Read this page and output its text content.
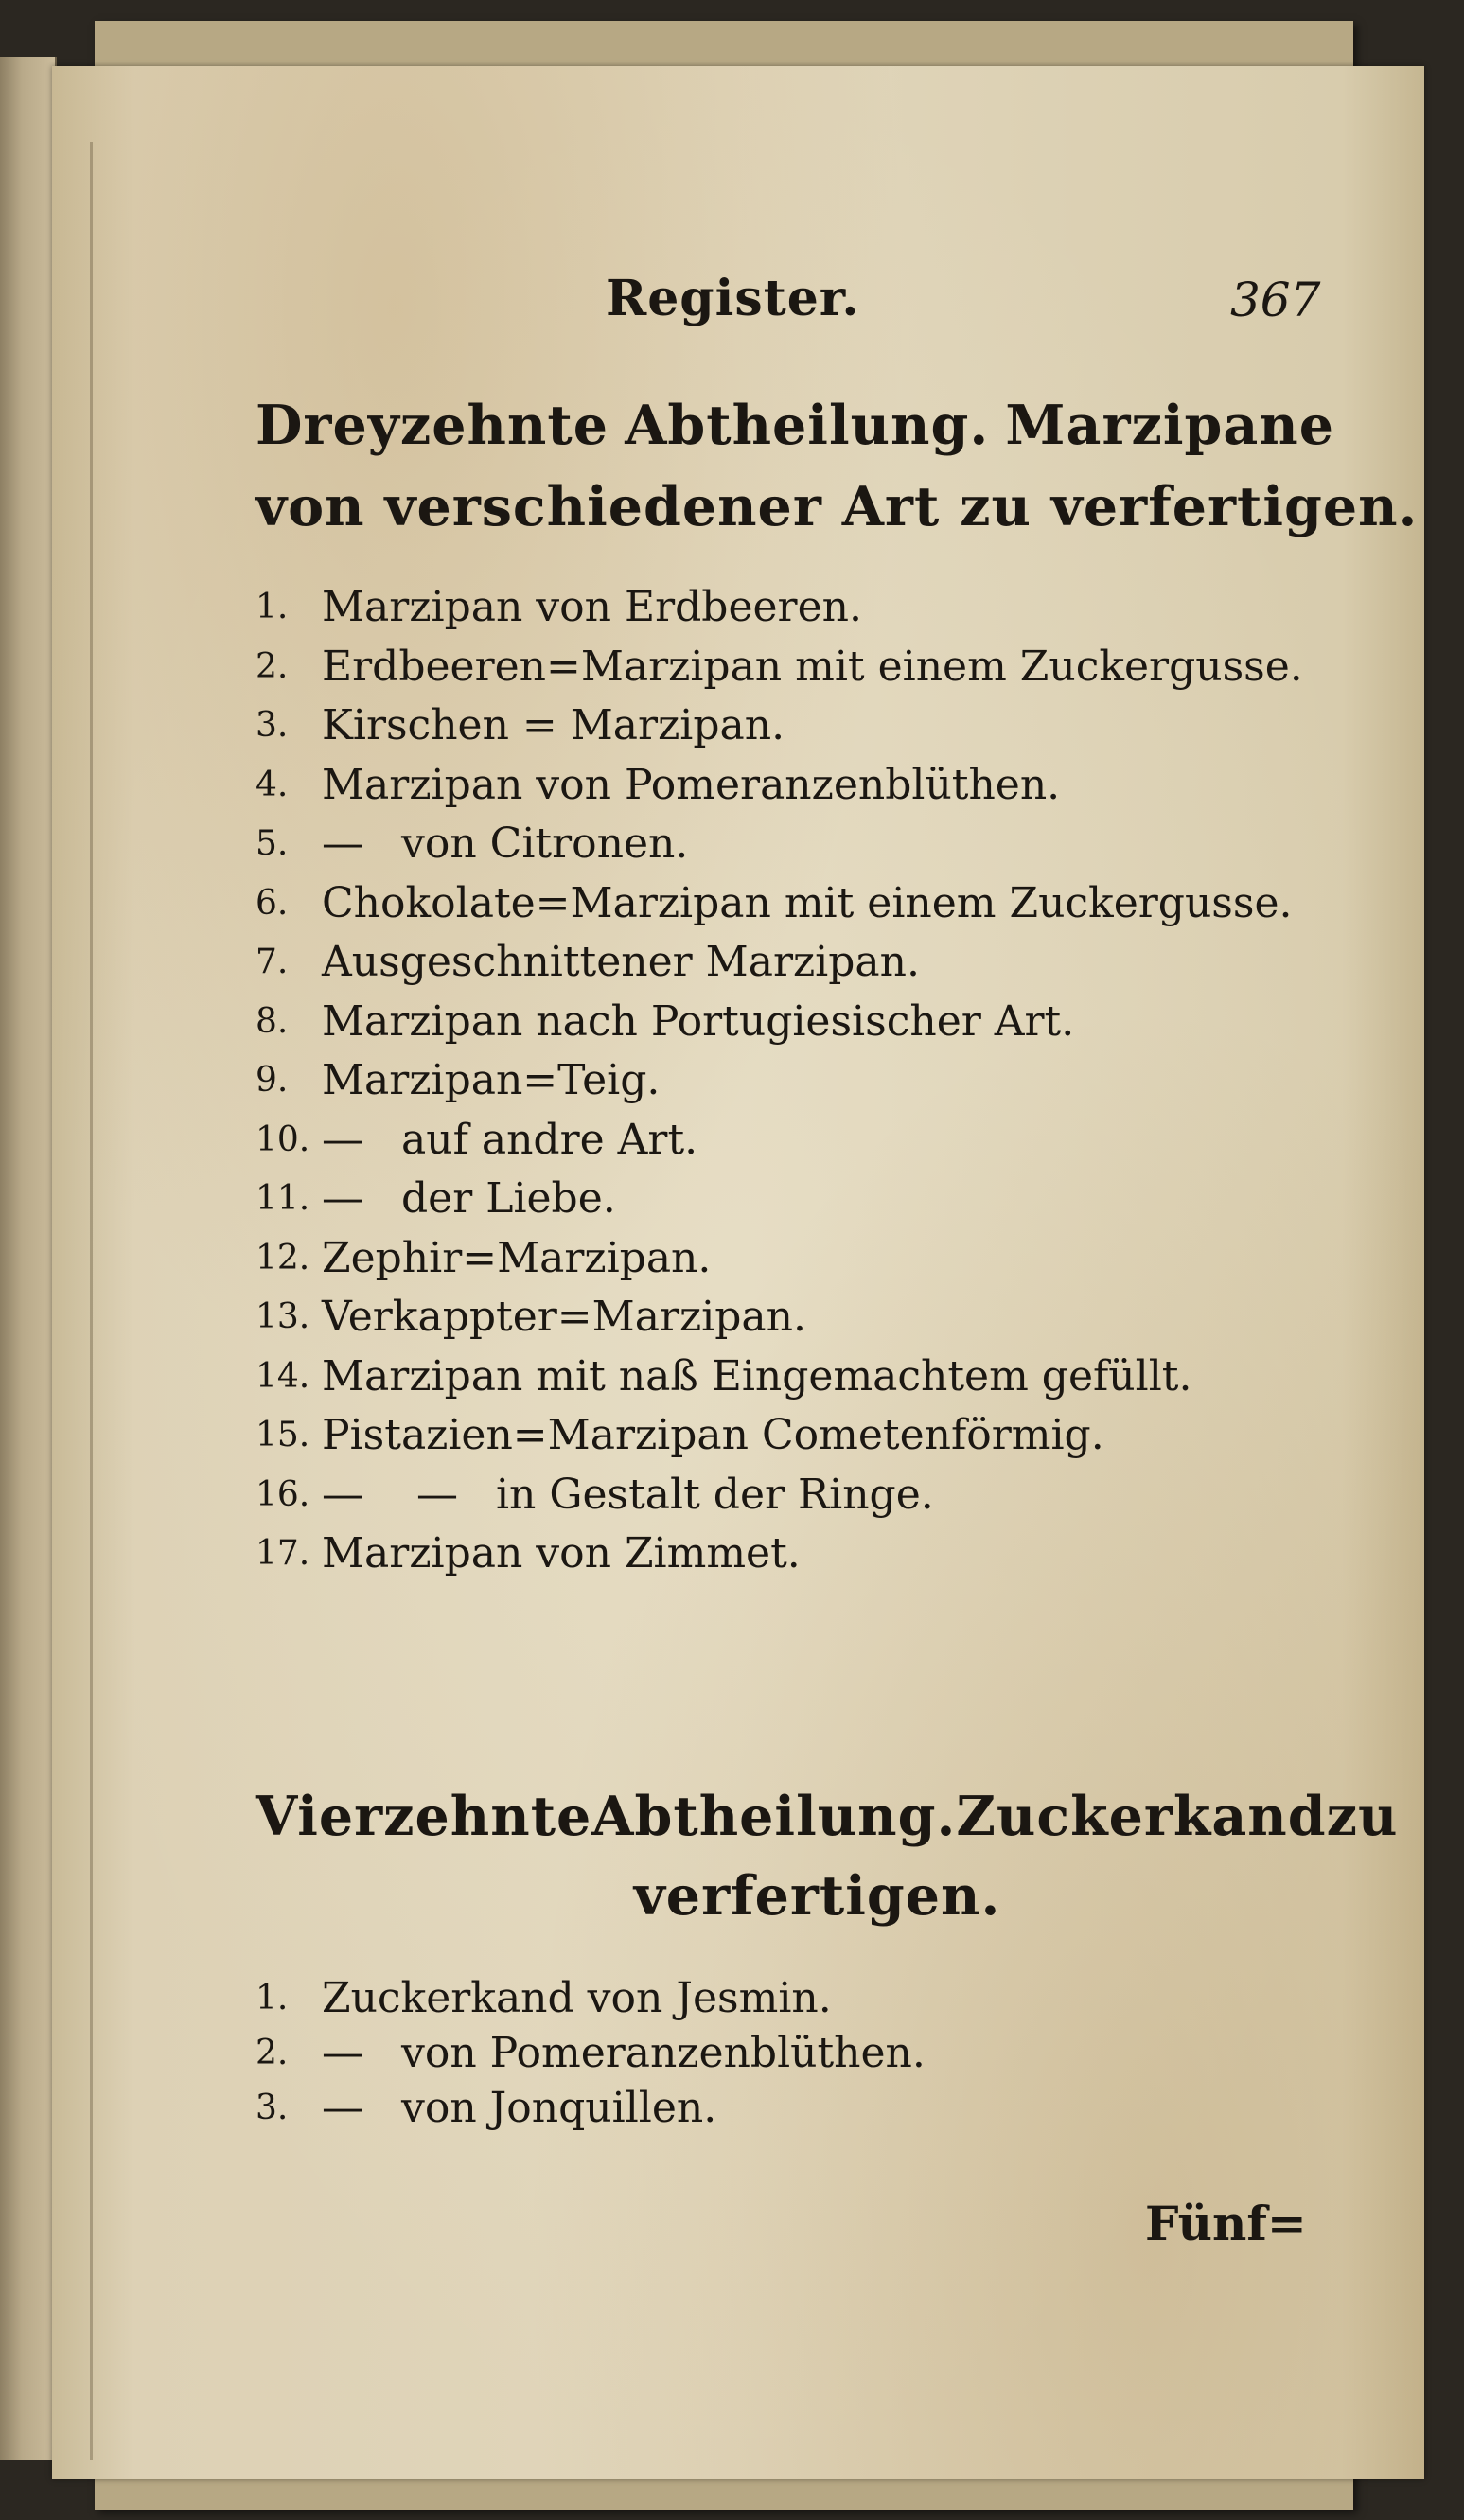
Register.	367
Dreyzehnte Abtheilung. Marzipane
von verschiedener Art zu verfertigen.
1. Marzipan von Erdbeeren.
2. Erdbeeren=Marzipan mit einem Zuckergusse.
3. Kirschen = Marzipan.
4. Marzipan von Pomeranzenblüthen.
5. — von Citronen.
6. Chokolate=Marzipan mit einem Zuckergusse.
7. Ausgeschnittener Marzipan.
8. Marzipan nach Portugiesischer Art.
9. Marzipan=Teig.
10. — auf andre Art.
11. — der Liebe.
12. Zephir=Marzipan.
13. Verkappter=Marzipan.
14. Marzipan mit naß Eingemachtem gefüllt.
15. Pistazien=Marzipan Cometenförmig.
16. —    — in Gestalt der Ringe.
17. Marzipan von Zimmet.
Vierzehnte Abtheilung. Zuckerkand zu
verfertigen.
1. Zuckerkand von Jesmin.
2. — von Pomeranzenblüthen.
3. — von Jonquillen.
Fünf=
